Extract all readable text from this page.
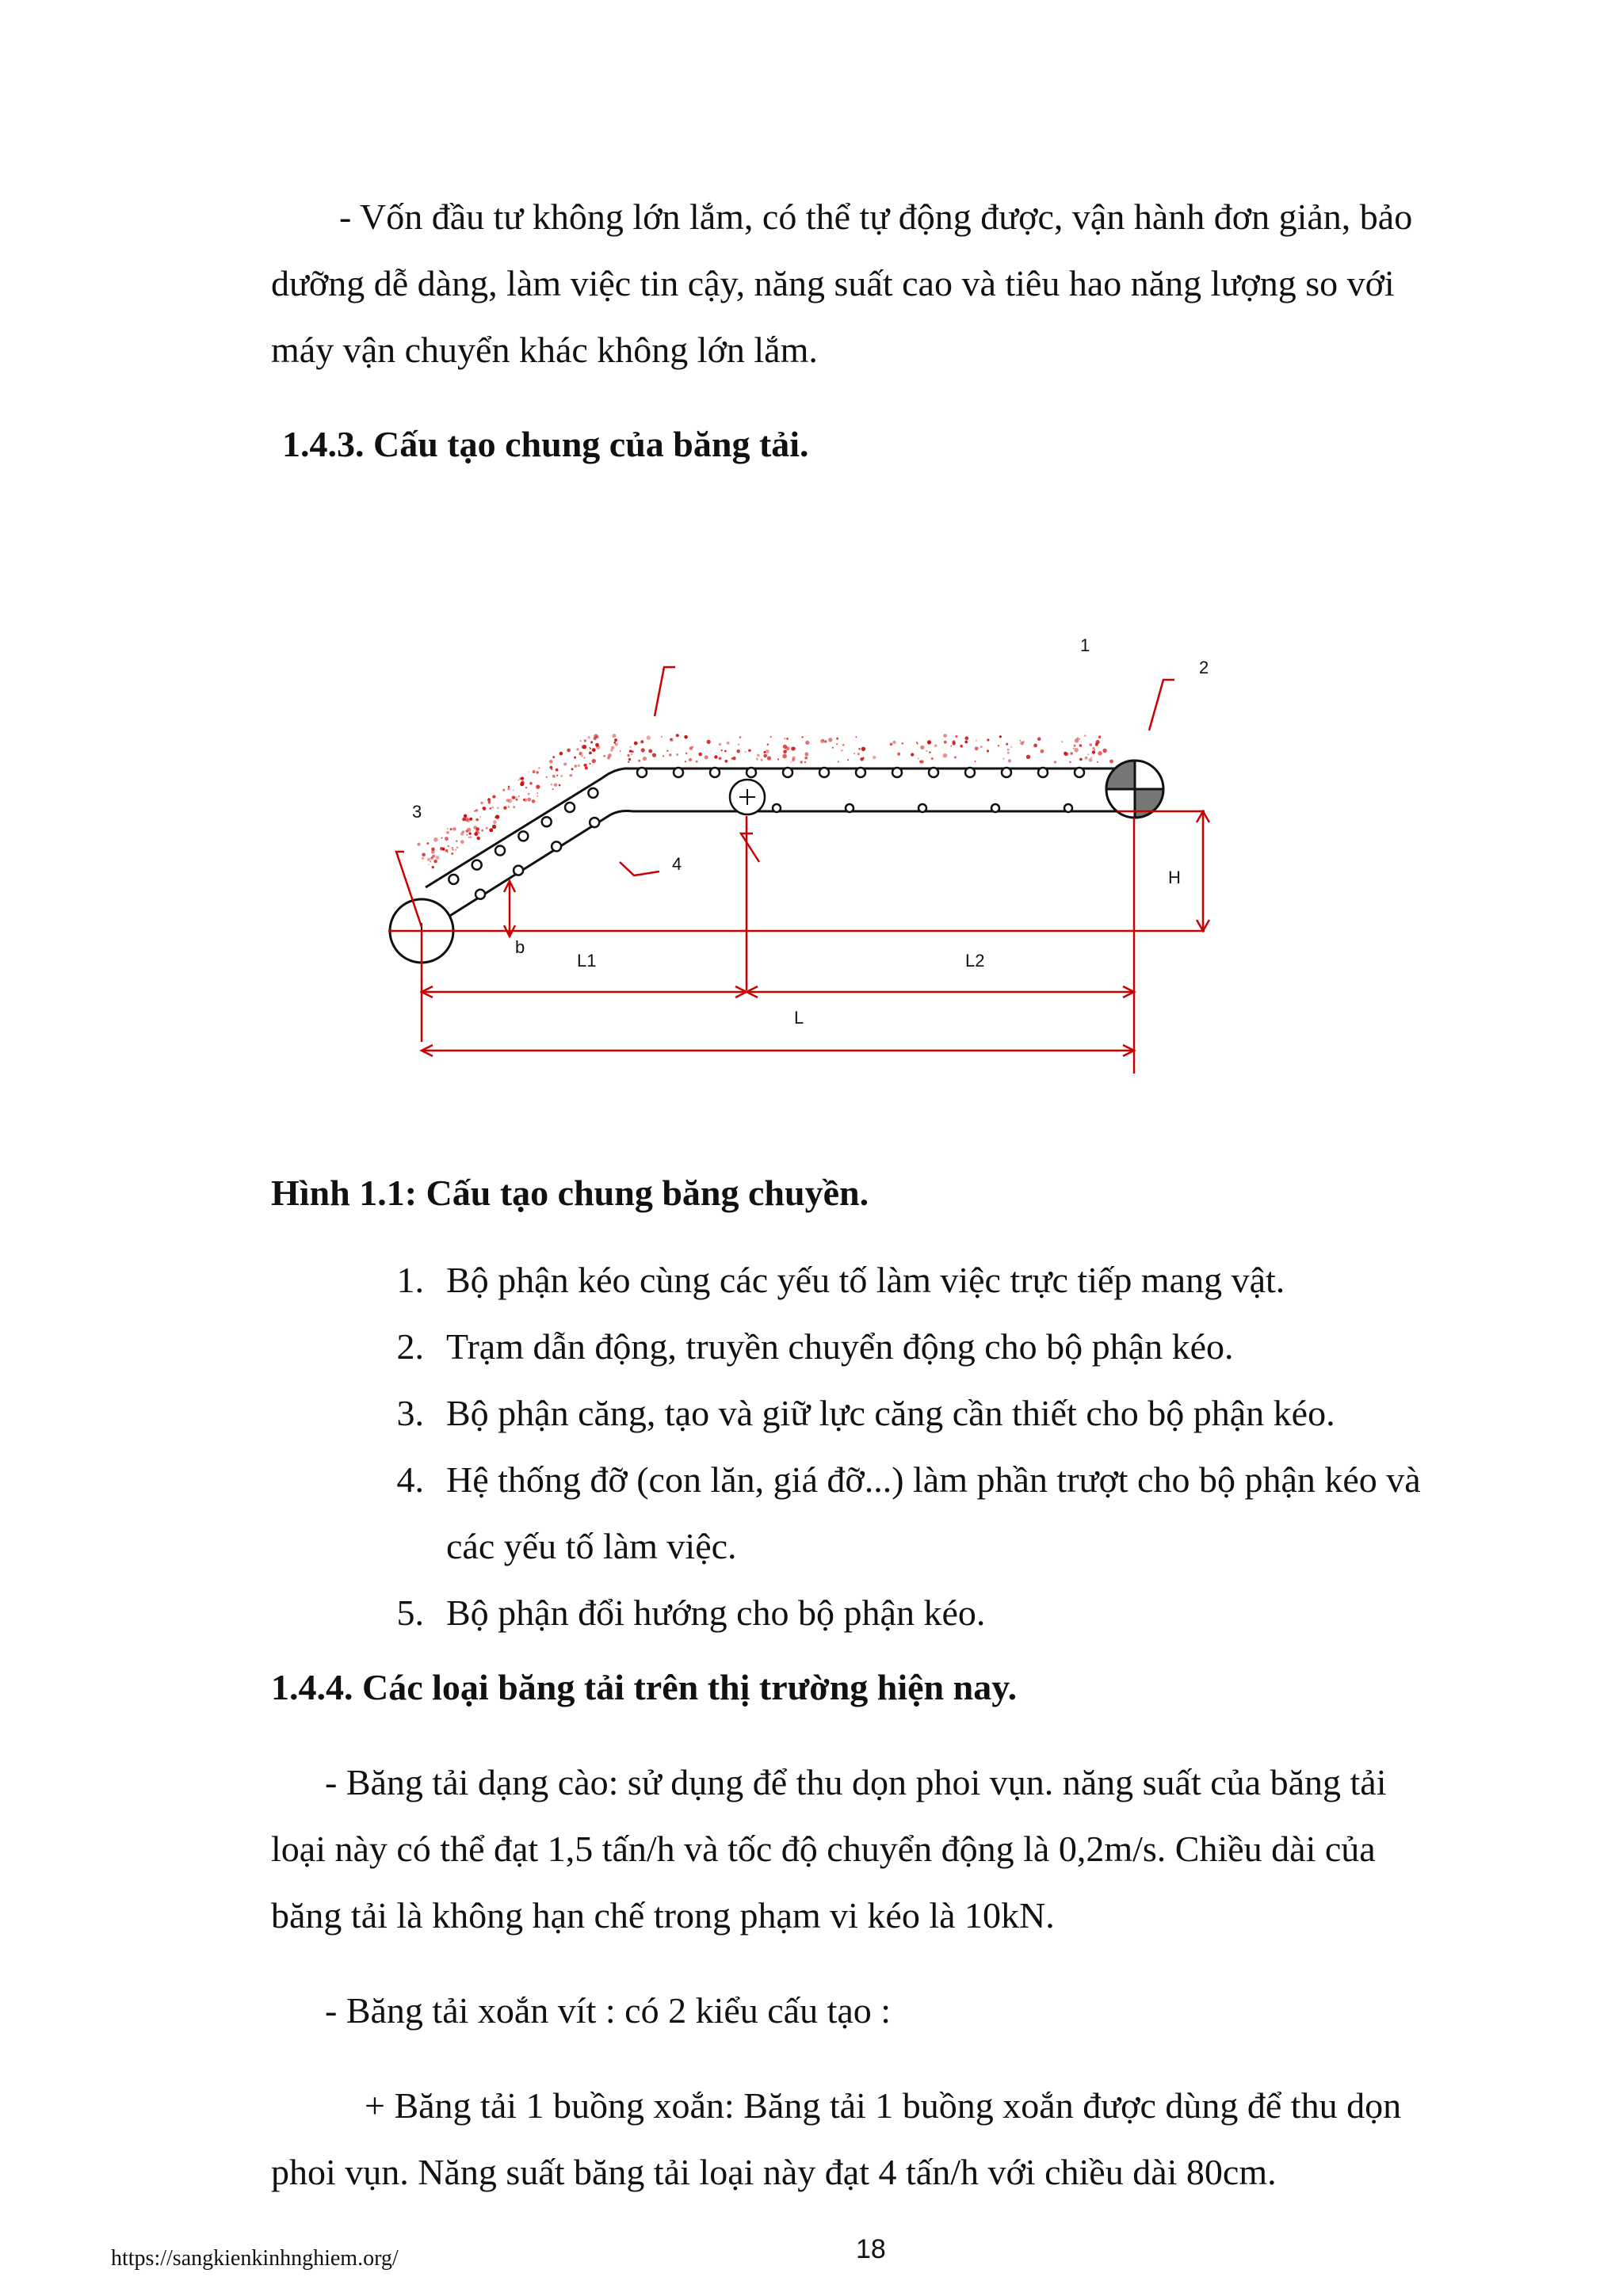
- Vốn đầu tư không lớn lắm, có thể tự động được, vận hành đơn giản, bảo
dưỡng dễ dàng, làm việc tin cậy, năng suất cao và tiêu hao năng lượng so với
máy vận chuyển khác không lớn lắm.
1.4.3. Cấu tạo chung của băng tải.
1
2
3
4
H
b
L1	L2
L
Hình 1.1: Cấu tạo chung băng chuyền.
1. Bộ phận kéo cùng các yếu tố làm việc trực tiếp mang vật.
2. Trạm dẫn động, truyền chuyển động cho bộ phận kéo.
3. Bộ phận căng, tạo và giữ lực căng cần thiết cho bộ phận kéo.
4. Hệ thống đỡ (con lăn, giá đỡ...) làm phần trượt cho bộ phận kéo và
các yếu tố làm việc.
5. Bộ phận đổi hướng cho bộ phận kéo.
1.4.4. Các loại băng tải trên thị trường hiện nay.
- Băng tải dạng cào: sử dụng để thu dọn phoi vụn. năng suất của băng tải
loại này có thể đạt 1,5 tấn/h và tốc độ chuyển động là 0,2m/s. Chiều dài của
băng tải là không hạn chế trong phạm vi kéo là 10kN.
- Băng tải xoắn vít : có 2 kiểu cấu tạo :
+ Băng tải 1 buồng xoắn: Băng tải 1 buồng xoắn được dùng để thu dọn
phoi vụn. Năng suất băng tải loại này đạt 4 tấn/h với chiều dài 80cm.
https://sangkienkinhnghiem.org/	18
